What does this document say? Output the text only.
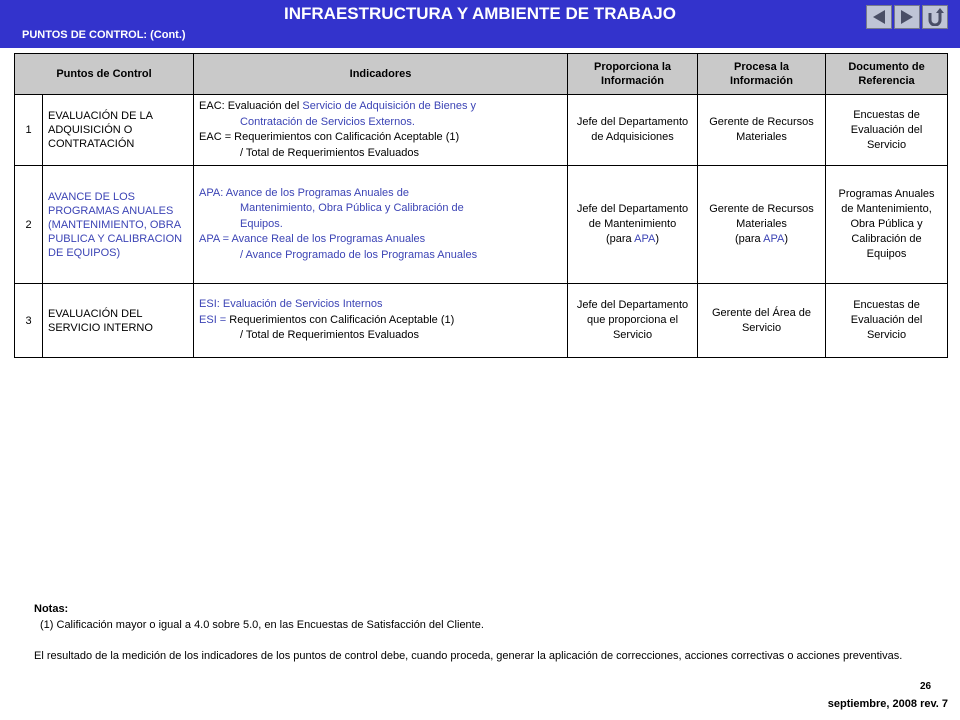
INFRAESTRUCTURA Y AMBIENTE DE TRABAJO
PUNTOS DE CONTROL: (Cont.)
Puntos de Control		Indicadores	Proporciona la Información	Procesa la Información	Documento de Referencia
1	EVALUACIÓN DE LA ADQUISICIÓN O CONTRATACIÓN	EAC: Evaluación del Servicio de Adquisición de Bienes y
Contratación de Servicios Externos.
EAC = Requerimientos con Calificación Aceptable (1)
/ Total de Requerimientos Evaluados	Jefe del Departamento de Adquisiciones	Gerente de Recursos Materiales	Encuestas de Evaluación del Servicio
2	AVANCE DE LOS PROGRAMAS ANUALES (MANTENIMIENTO, OBRA PUBLICA Y CALIBRACION DE EQUIPOS)	APA: Avance de los Programas Anuales de
Mantenimiento, Obra Pública y Calibración de
Equipos.
APA = Avance Real de los Programas Anuales
/ Avance Programado de los Programas Anuales	Jefe del Departamento de Mantenimiento
(para APA)	Gerente de Recursos Materiales
(para APA)	Programas Anuales de Mantenimiento, Obra Pública y Calibración de Equipos
3	EVALUACIÓN DEL SERVICIO INTERNO	ESI: Evaluación de Servicios Internos
ESI = Requerimientos con Calificación Aceptable (1)
/ Total de Requerimientos Evaluados	Jefe del Departamento que proporciona el Servicio	Gerente del Área de Servicio	Encuestas de Evaluación del Servicio
Notas:
(1) Calificación mayor o igual a 4.0 sobre 5.0, en las Encuestas de Satisfacción del Cliente.
El resultado de la medición de los indicadores de los puntos de control debe, cuando proceda, generar la aplicación de correcciones, acciones correctivas o acciones preventivas.
26
septiembre, 2008 rev. 7
